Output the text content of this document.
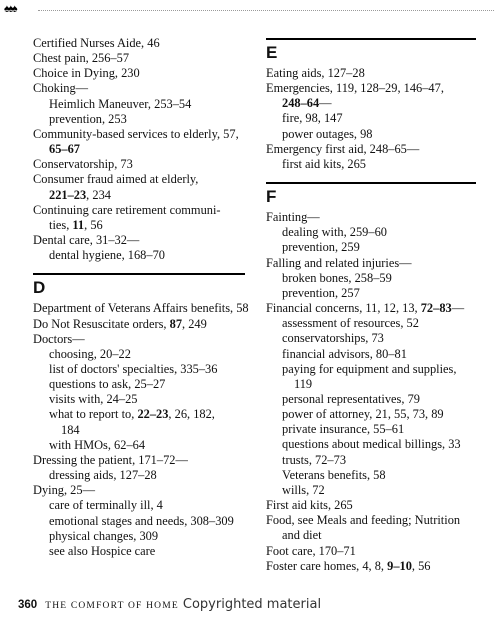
♠♠♠
Certified Nurses Aide, 46
Chest pain, 256–57
Choice in Dying, 230
Choking—
Heimlich Maneuver, 253–54
prevention, 253
Community-based services to elderly, 57,
65–67
Conservatorship, 73
Consumer fraud aimed at elderly,
221–23, 234
Continuing care retirement communi-
ties, 11, 56
Dental care, 31–32—
dental hygiene, 168–70
D
Department of Veterans Affairs benefits, 58
Do Not Resuscitate orders, 87, 249
Doctors—
choosing, 20–22
list of doctors' specialties, 335–36
questions to ask, 25–27
visits with, 24–25
what to report to, 22–23, 26, 182,
184
with HMOs, 62–64
Dressing the patient, 171–72—
dressing aids, 127–28
Dying, 25—
care of terminally ill, 4
emotional stages and needs, 308–309
physical changes, 309
see also Hospice care
E
Eating aids, 127–28
Emergencies, 119, 128–29, 146–47,
248–64—
fire, 98, 147
power outages, 98
Emergency first aid, 248–65—
first aid kits, 265
F
Fainting—
dealing with, 259–60
prevention, 259
Falling and related injuries—
broken bones, 258–59
prevention, 257
Financial concerns, 11, 12, 13, 72–83—
assessment of resources, 52
conservatorships, 73
financial advisors, 80–81
paying for equipment and supplies,
119
personal representatives, 79
power of attorney, 21, 55, 73, 89
private insurance, 55–61
questions about medical billings, 33
trusts, 72–73
Veterans benefits, 58
wills, 72
First aid kits, 265
Food, see Meals and feeding; Nutrition
and diet
Foot care, 170–71
Foster care homes, 4, 8, 9–10, 56
360 THE COMFORT OF HOME Copyrighted material
